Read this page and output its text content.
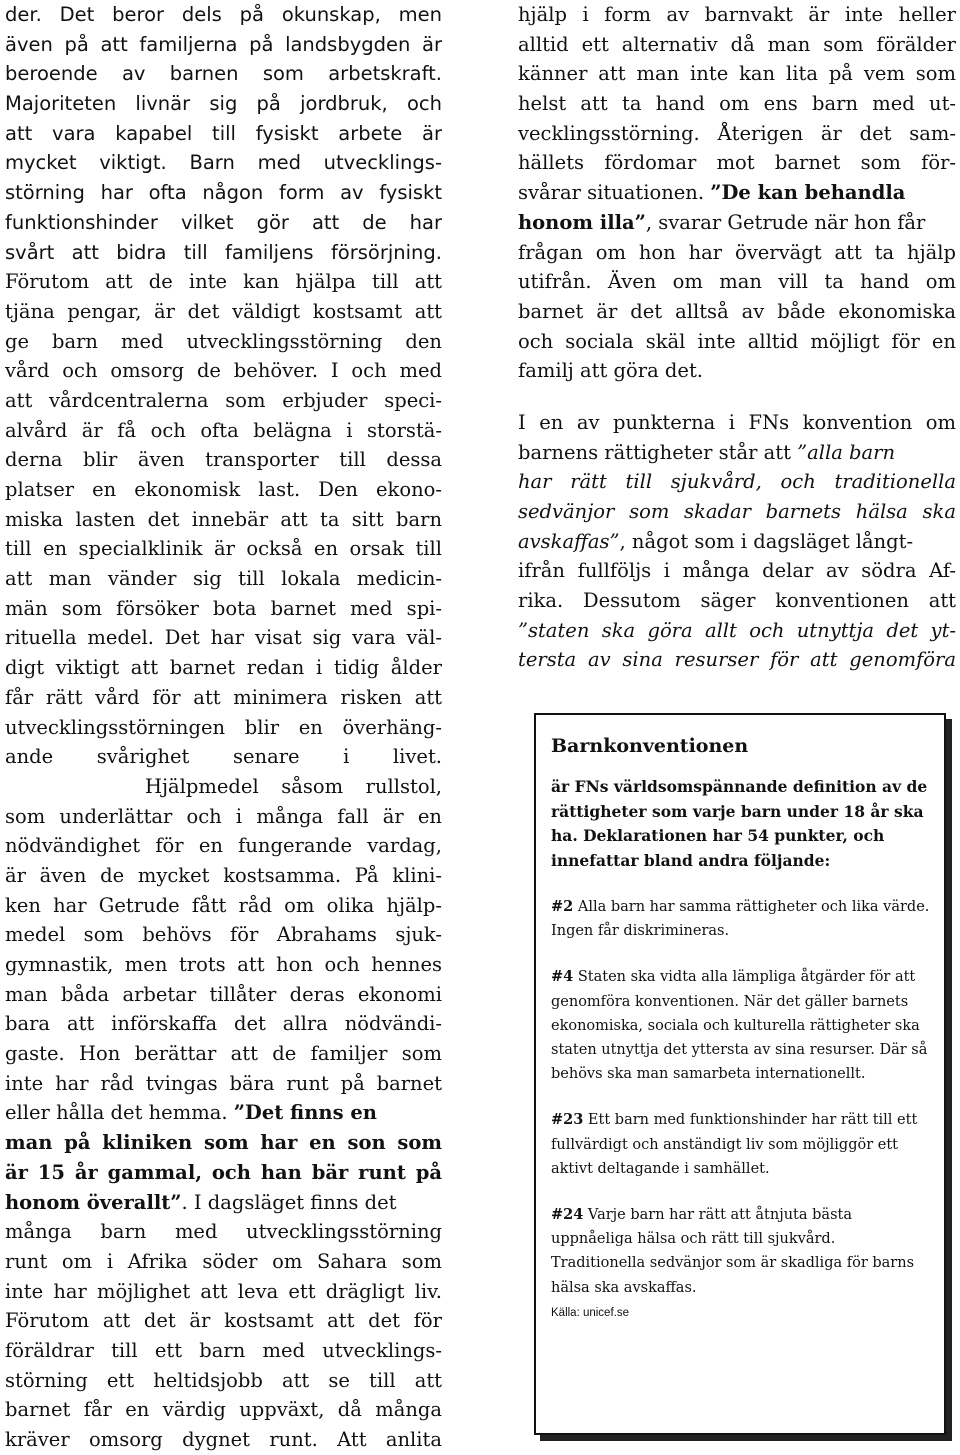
der. Det beror dels på okunskap, men
även på att familjerna på landsbygden är
beroende av barnen som arbetskraft.
Majoriteten livnär sig på jordbruk, och
att vara kapabel till fysiskt arbete är
mycket viktigt. Barn med utvecklings-
störning har ofta någon form av fysiskt
funktionshinder vilket gör att de har
svårt att bidra till familjens försörjning.
Förutom att de inte kan hjälpa till att
tjäna pengar, är det väldigt kostsamt att
ge barn med utvecklingsstörning den
vård och omsorg de behöver. I och med
att vårdcentralerna som erbjuder speci-
alvård är få och ofta belägna i storstä-
derna blir även transporter till dessa
platser en ekonomisk last. Den ekono-
miska lasten det innebär att ta sitt barn
till en specialklinik är också en orsak till
att man vänder sig till lokala medicin-
män som försöker bota barnet med spi-
rituella medel. Det har visat sig vara väl-
digt viktigt att barnet redan i tidig ålder
får rätt vård för att minimera risken att
utvecklingsstörningen blir en överhäng-
ande svårighet senare i livet.
Hjälpmedel såsom rullstol,
som underlättar och i många fall är en
nödvändighet för en fungerande vardag,
är även de mycket kostsamma. På klini-
ken har Getrude fått råd om olika hjälp-
medel som behövs för Abrahams sjuk-
gymnastik, men trots att hon och hennes
man båda arbetar tillåter deras ekonomi
bara att införskaffa det allra nödvändi-
gaste. Hon berättar att de familjer som
inte har råd tvingas bära runt på barnet
eller hålla det hemma. ”Det finns en
man på kliniken som har en son som
är 15 år gammal, och han bär runt på
honom överallt”. I dagsläget finns det
många barn med utvecklingsstörning
runt om i Afrika söder om Sahara som
inte har möjlighet att leva ett drägligt liv.
Förutom att det är kostsamt att det för
föräldrar till ett barn med utvecklings-
störning ett heltidsjobb att se till att
barnet får en värdig uppväxt, då många
kräver omsorg dygnet runt. Att anlita
hjälp i form av barnvakt är inte heller
alltid ett alternativ då man som förälder
känner att man inte kan lita på vem som
helst att ta hand om ens barn med ut-
vecklingsstörning. Återigen är det sam-
hällets fördomar mot barnet som för-
svårar situationen. ”De kan behandla
honom illa”, svarar Getrude när hon får
frågan om hon har övervägt att ta hjälp
utifrån. Även om man vill ta hand om
barnet är det alltså av både ekonomiska
och sociala skäl inte alltid möjligt för en
familj att göra det.
I en av punkterna i FNs konvention om
barnens rättigheter står att ”alla barn
har rätt till sjukvård, och traditionella
sedvänjor som skadar barnets hälsa ska
avskaffas”, något som i dagsläget långt-
ifrån fullföljs i många delar av södra Af-
rika. Dessutom säger konventionen att
”staten ska göra allt och utnyttja det yt-
tersta av sina resurser för att genomföra
Barnkonventionen
är FNs världsomspännande definition av de rättigheter som varje barn under 18 år ska ha. Deklarationen har 54 punkter, och innefattar bland andra följande:
#2 Alla barn har samma rättigheter och lika värde. Ingen får diskrimineras.
#4 Staten ska vidta alla lämpliga åtgärder för att genomföra konventionen. När det gäller barnets ekonomiska, sociala och kulturella rättigheter ska staten utnyttja det yttersta av sina resurser. Där så behövs ska man samarbeta internationellt.
#23 Ett barn med funktionshinder har rätt till ett fullvärdigt och anständigt liv som möjliggör ett aktivt deltagande i samhället.
#24 Varje barn har rätt att åtnjuta bästa uppnåeliga hälsa och rätt till sjukvård. Traditionella sedvänjor som är skadliga för barns hälsa ska avskaffas.
Källa: unicef.se
